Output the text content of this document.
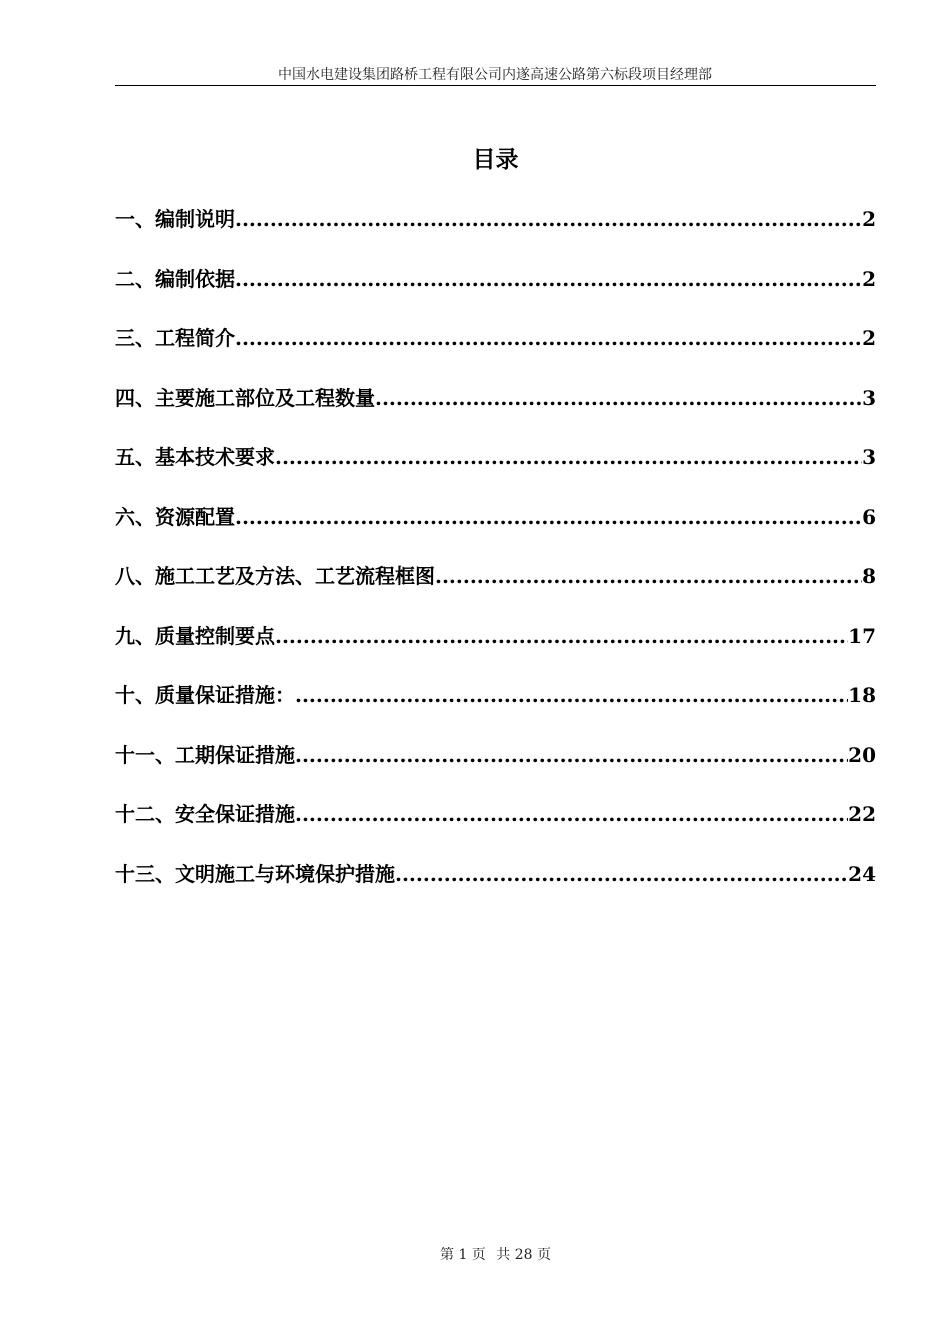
中国水电建设集团路桥工程有限公司内遂高速公路第六标段项目经理部
目录
一、编制说明 .....	2
二、编制依据 .....	2
三、工程简介 .....	2
四、主要施工部位及工程数量 .....	3
五、基本技术要求 .....	3
六、资源配置 .....	6
八、施工工艺及方法、工艺流程框图 .....	8
九、质量控制要点 .....	17
十、质量保证措施： .....	18
十一、工期保证措施 .....	20
十二、安全保证措施 .....	22
十三、文明施工与环境保护措施 .....	24
第 1 页 共 28 页
